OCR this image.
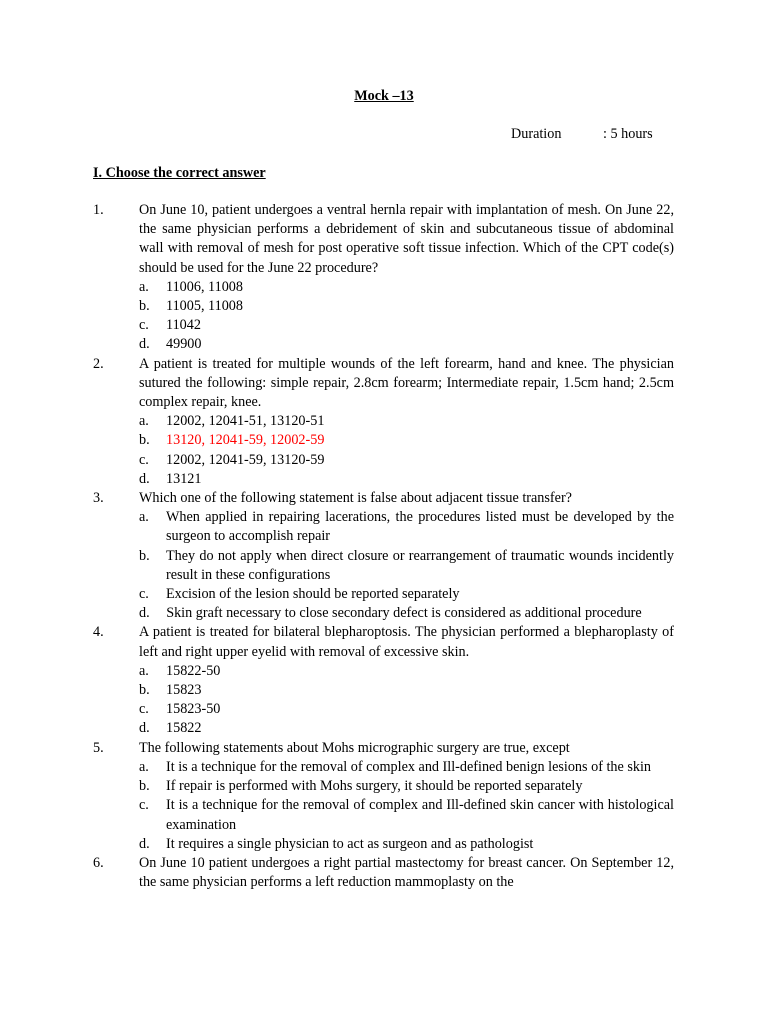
Mock –13
Duration	: 5 hours
I. Choose the correct answer
1. On June 10, patient undergoes a ventral hernla repair with implantation of mesh. On June 22, the same physician performs a debridement of skin and subcutaneous tissue of abdominal wall with removal of mesh for post operative soft tissue infection. Which of the CPT code(s) should be used for the June 22 procedure?
a. 11006, 11008
b. 11005, 11008
c. 11042
d. 49900
2. A patient is treated for multiple wounds of the left forearm, hand and knee. The physician sutured the following: simple repair, 2.8cm forearm; Intermediate repair, 1.5cm hand; 2.5cm complex repair, knee.
a. 12002, 12041-51, 13120-51
b. 13120, 12041-59, 12002-59
c. 12002, 12041-59, 13120-59
d. 13121
3. Which one of the following statement is false about adjacent tissue transfer?
a. When applied in repairing lacerations, the procedures listed must be developed by the surgeon to accomplish repair
b. They do not apply when direct closure or rearrangement of traumatic wounds incidently result in these configurations
c. Excision of the lesion should be reported separately
d. Skin graft necessary to close secondary defect is considered as additional procedure
4. A patient is treated for bilateral blepharoptosis. The physician performed a blepharoplasty of left and right upper eyelid with removal of excessive skin.
a. 15822-50
b. 15823
c. 15823-50
d. 15822
5. The following statements about Mohs micrographic surgery are true, except
a. It is a technique for the removal of complex and Ill-defined benign lesions of the skin
b. If repair is performed with Mohs surgery, it should be reported separately
c. It is a technique for the removal of complex and Ill-defined skin cancer with histological examination
d. It requires a single physician to act as surgeon and as pathologist
6. On June 10 patient undergoes a right partial mastectomy for breast cancer. On September 12, the same physician performs a left reduction mammoplasty on the
